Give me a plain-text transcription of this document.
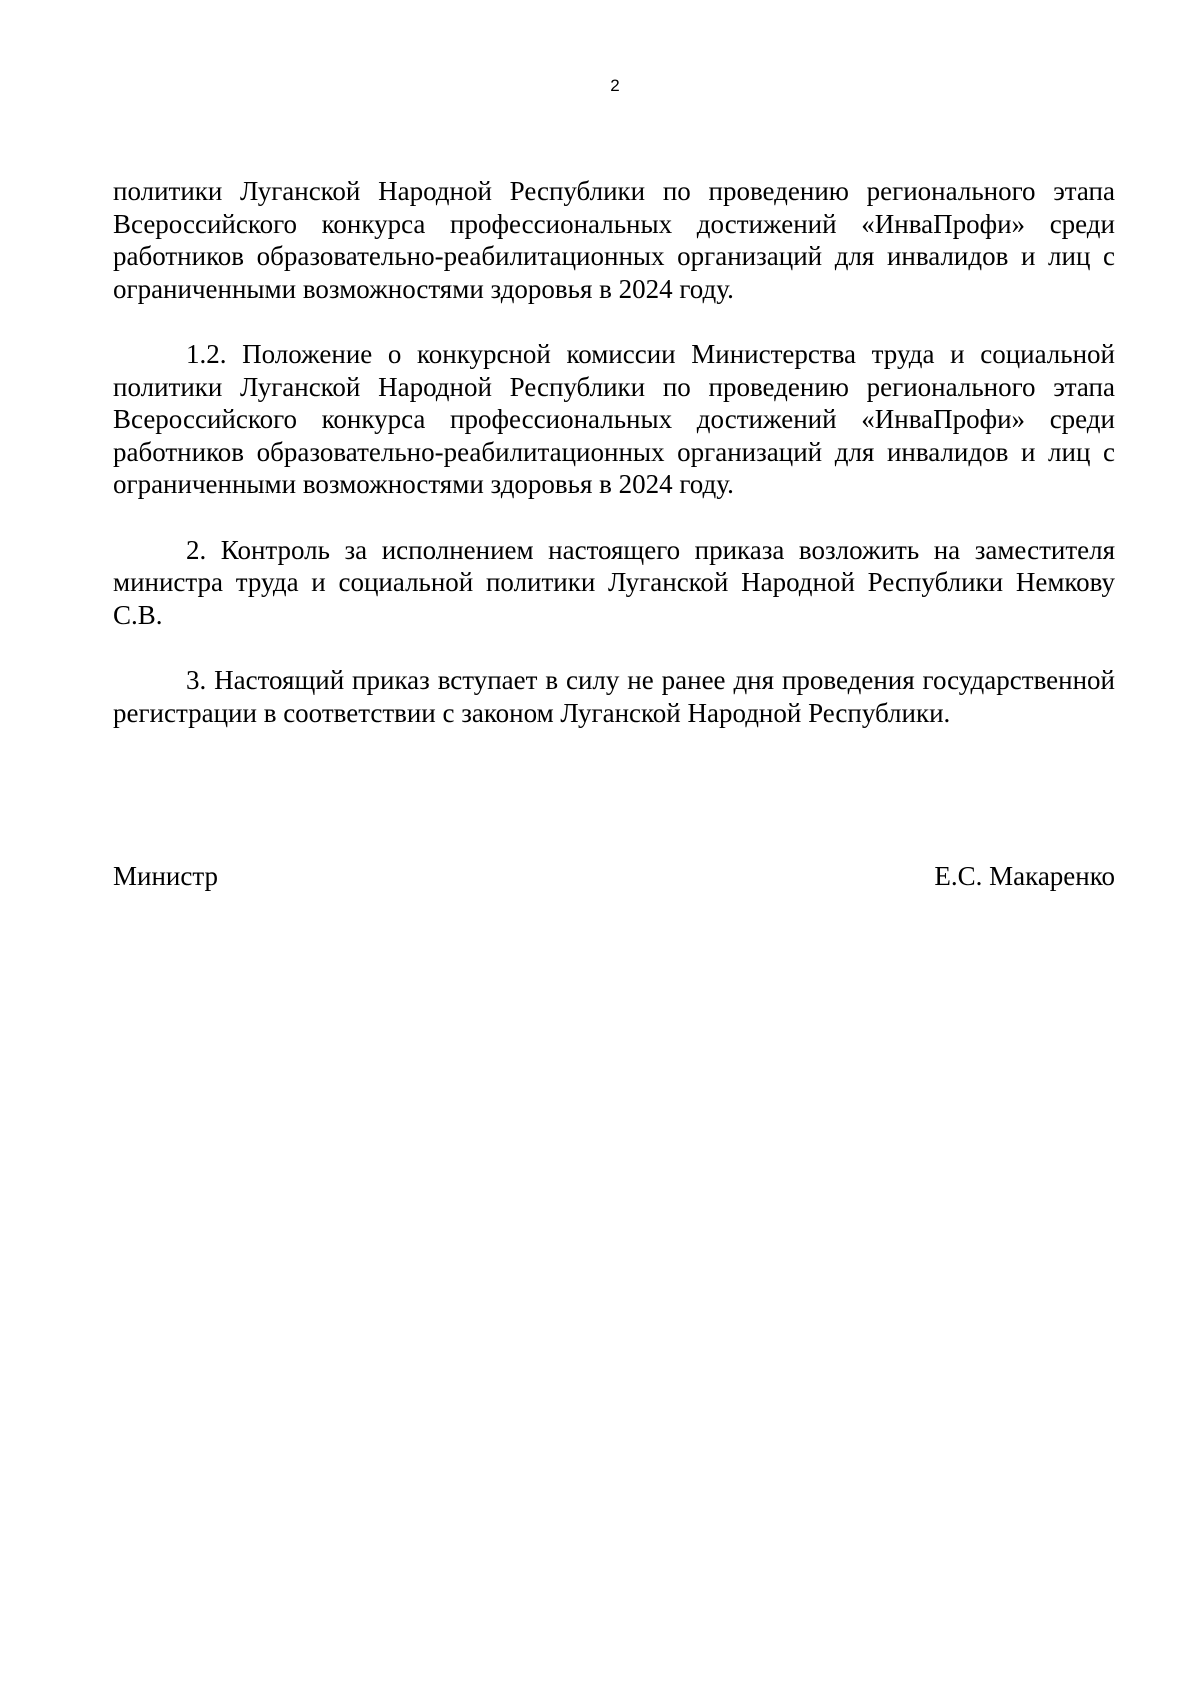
2

политики Луганской Народной Республики по проведению регионального этапа Всероссийского конкурса профессиональных достижений «ИнваПрофи» среди работников образовательно-реабилитационных организаций для инвалидов и лиц с ограниченными возможностями здоровья в 2024 году.

1.2. Положение о конкурсной комиссии Министерства труда и социальной политики Луганской Народной Республики по проведению регионального этапа Всероссийского конкурса профессиональных достижений «ИнваПрофи» среди работников образовательно-реабилитационных организаций для инвалидов и лиц с ограниченными возможностями здоровья в 2024 году.

2. Контроль за исполнением настоящего приказа возложить на заместителя министра труда и социальной политики Луганской Народной Республики Немкову С.В.

3. Настоящий приказ вступает в силу не ранее дня проведения государственной регистрации в соответствии с законом Луганской Народной Республики.

Министр	Е.С. Макаренко
